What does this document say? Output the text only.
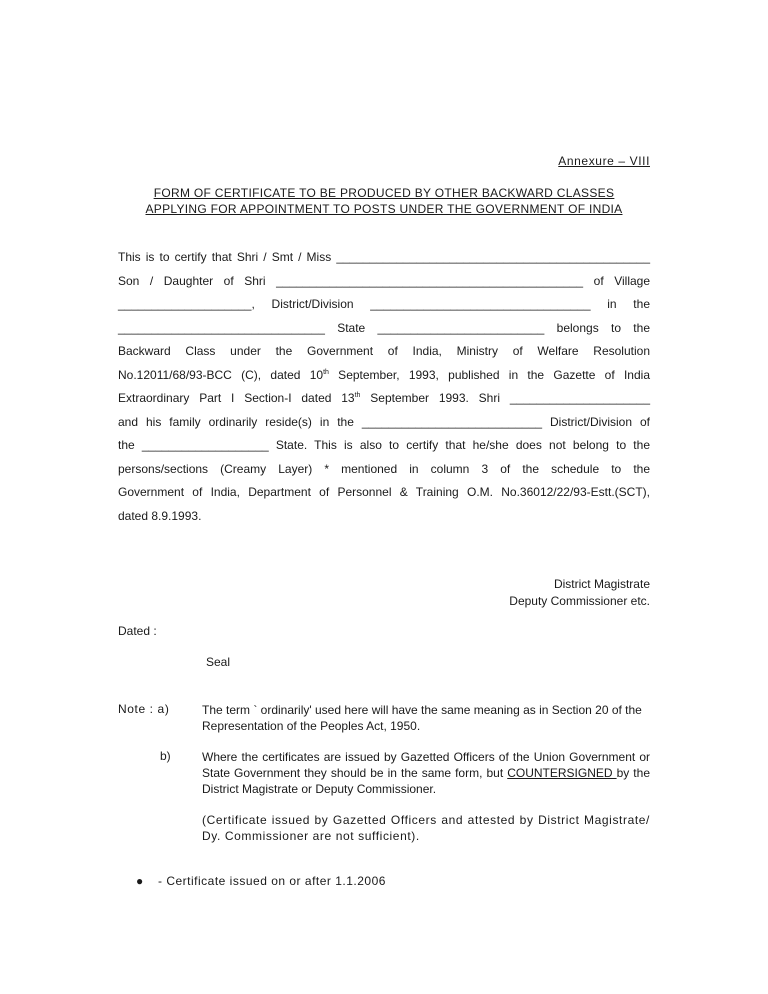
Annexure – VIII
FORM OF CERTIFICATE TO BE PRODUCED BY OTHER BACKWARD CLASSES
APPLYING FOR APPOINTMENT TO POSTS UNDER THE GOVERNMENT OF INDIA

This is to certify that Shri / Smt / Miss _______________________________________________

Son / Daughter of Shri ______________________________________________ of Village

____________________, District/Division _________________________________ in the

_______________________________ State _________________________ belongs to the

Backward Class under the Government of India, Ministry of Welfare Resolution

No.12011/68/93-BCC (C), dated 10th September, 1993, published in the Gazette of India

Extraordinary Part I Section-I dated 13th September 1993. Shri _____________________

and his family ordinarily reside(s) in the ___________________________ District/Division of

the ___________________ State. This is also to certify that he/she does not belong to the

persons/sections (Creamy Layer) * mentioned in column 3 of the schedule to the

Government of India, Department of Personnel & Training O.M. No.36012/22/93-Estt.(SCT),

dated 8.9.1993.

District Magistrate
Deputy Commissioner etc.
Dated :
Seal
Note : a)	The term ` ordinarily' used here will have the same meaning as in Section 20 of the Representation of the Peoples Act, 1950.
b)	Where the certificates are issued by Gazetted Officers of the Union Government or State Government they should be in the same form, but COUNTERSIGNED by the District Magistrate or Deputy Commissioner.

(Certificate issued by Gazetted Officers and attested by District Magistrate/ Dy. Commissioner are not sufficient).
● - Certificate issued on or after 1.1.2006
